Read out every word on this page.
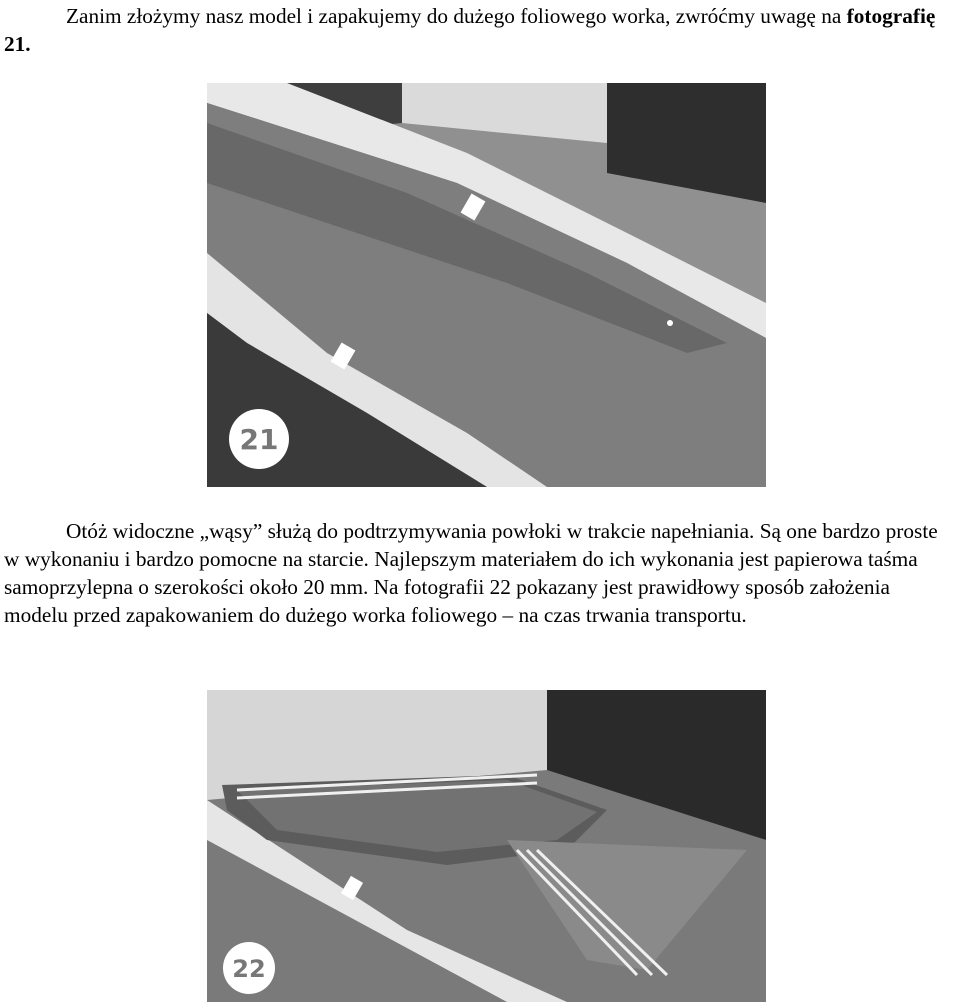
Zanim złożymy nasz model i zapakujemy do dużego foliowego worka, zwróćmy uwagę na fotografię 21.

21

Otóż widoczne „wąsy” służą do podtrzymywania powłoki w trakcie napełniania. Są one bardzo proste w wykonaniu i bardzo pomocne na starcie. Najlepszym materiałem do ich wykonania jest papierowa taśma samoprzylepna o szerokości około 20 mm. Na fotografii 22 pokazany jest prawidłowy sposób założenia modelu przed zapakowaniem do dużego worka foliowego – na czas trwania transportu.

22
